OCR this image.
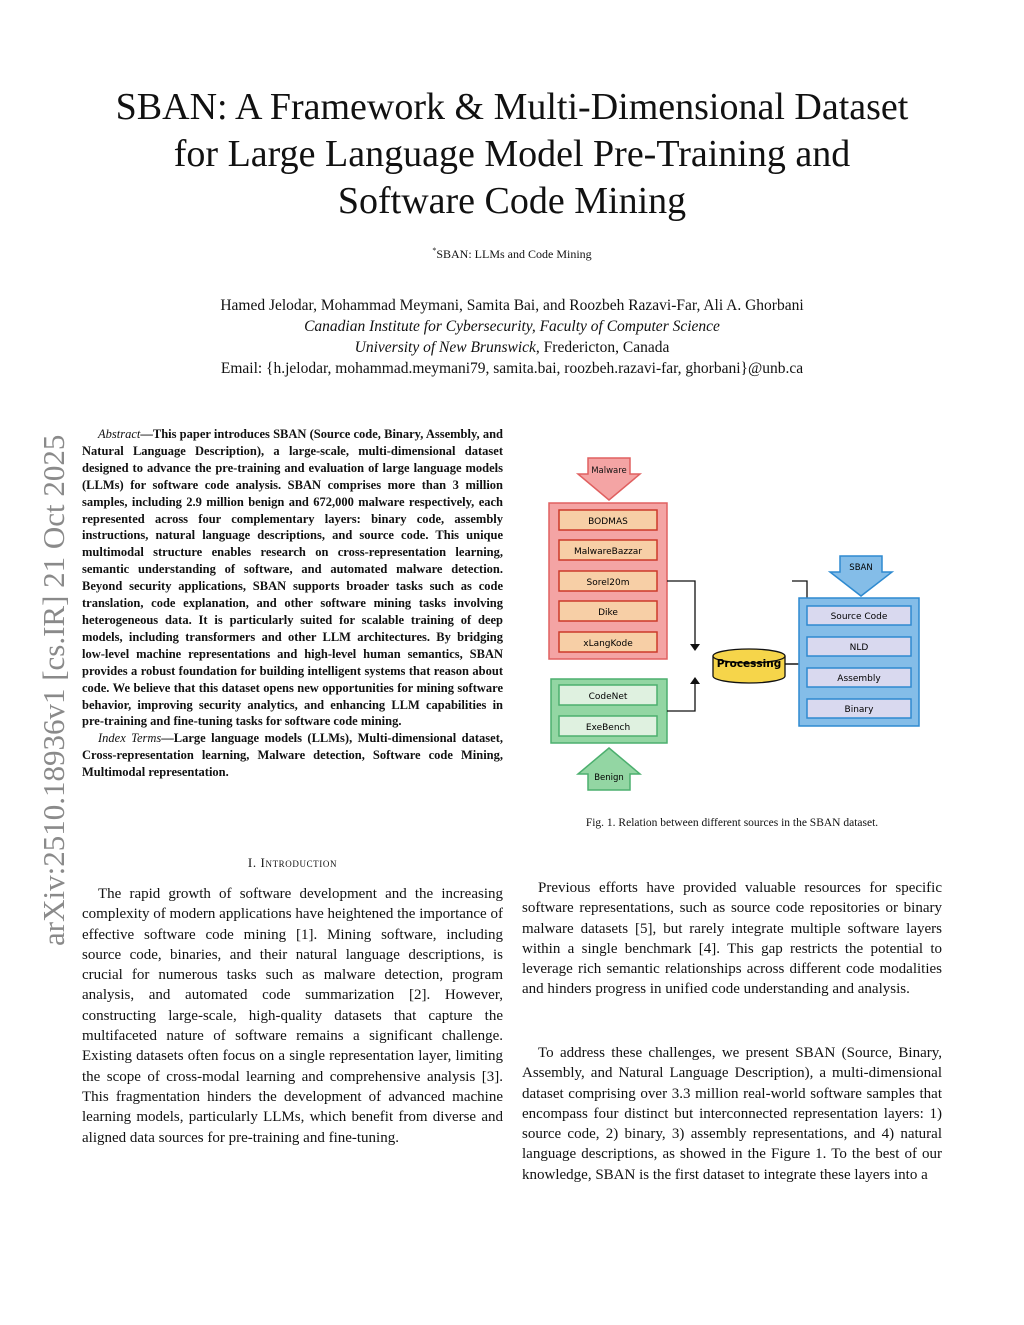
SBAN: A Framework & Multi-Dimensional Dataset
for Large Language Model Pre-Training and
Software Code Mining
*SBAN: LLMs and Code Mining
Hamed Jelodar, Mohammad Meymani, Samita Bai, and Roozbeh Razavi-Far, Ali A. Ghorbani
Canadian Institute for Cybersecurity, Faculty of Computer Science
University of New Brunswick, Fredericton, Canada
Email: {h.jelodar, mohammad.meymani79, samita.bai, roozbeh.razavi-far, ghorbani}@unb.ca
arXiv:2510.18936v1 [cs.IR] 21 Oct 2025

Abstract—This paper introduces SBAN (Source code, Binary, Assembly, and Natural Language Description), a large-scale, multi-dimensional dataset designed to advance the pre-training and evaluation of large language models (LLMs) for software code analysis. SBAN comprises more than 3 million samples, including 2.9 million benign and 672,000 malware respectively, each represented across four complementary layers: binary code, assembly instructions, natural language descriptions, and source code. This unique multimodal structure enables research on cross-representation learning, semantic understanding of software, and automated malware detection. Beyond security applications, SBAN supports broader tasks such as code translation, code explanation, and other software mining tasks involving heterogeneous data. It is particularly suited for scalable training of deep models, including transformers and other LLM architectures. By bridging low-level machine representations and high-level human semantics, SBAN provides a robust foundation for building intelligent systems that reason about code. We believe that this dataset opens new opportunities for mining software behavior, improving security analytics, and enhancing LLM capabilities in pre-training and fine-tuning tasks for software code mining.

Index Terms—Large language models (LLMs), Multi-dimensional dataset, Cross-representation learning, Malware detection, Software code Mining, Multimodal representation.

I. Introduction

The rapid growth of software development and the increasing complexity of modern applications have heightened the importance of effective software code mining [1]. Mining software, including source code, binaries, and their natural language descriptions, is crucial for numerous tasks such as malware detection, program analysis, and automated code summarization [2]. However, constructing large-scale, high-quality datasets that capture the multifaceted nature of software remains a significant challenge. Existing datasets often focus on a single representation layer, limiting the scope of cross-modal learning and comprehensive analysis [3]. This fragmentation hinders the development of advanced machine learning models, particularly LLMs, which benefit from diverse and aligned data sources for pre-training and fine-tuning.

Previous efforts have provided valuable resources for specific software representations, such as source code repositories or binary malware datasets [5], but rarely integrate multiple software layers within a single benchmark [4]. This gap restricts the potential to leverage rich semantic relationships across different code modalities and hinders progress in unified code understanding and analysis.

To address these challenges, we present SBAN (Source, Binary, Assembly, and Natural Language Description), a multi-dimensional dataset comprising over 3.3 million real-world software samples that encompass four distinct but interconnected representation layers: 1) source code, 2) binary, 3) assembly representations, and 4) natural language descriptions, as showed in the Figure 1. To the best of our knowledge, SBAN is the first dataset to integrate these layers into a

Malware
BODMAS
MalwareBazzar
Sorel20m
Dike
xLangKode
CodeNet
ExeBench
Benign
Processing
SBAN
Source Code
NLD
Assembly
Binary
Fig. 1. Relation between different sources in the SBAN dataset.
